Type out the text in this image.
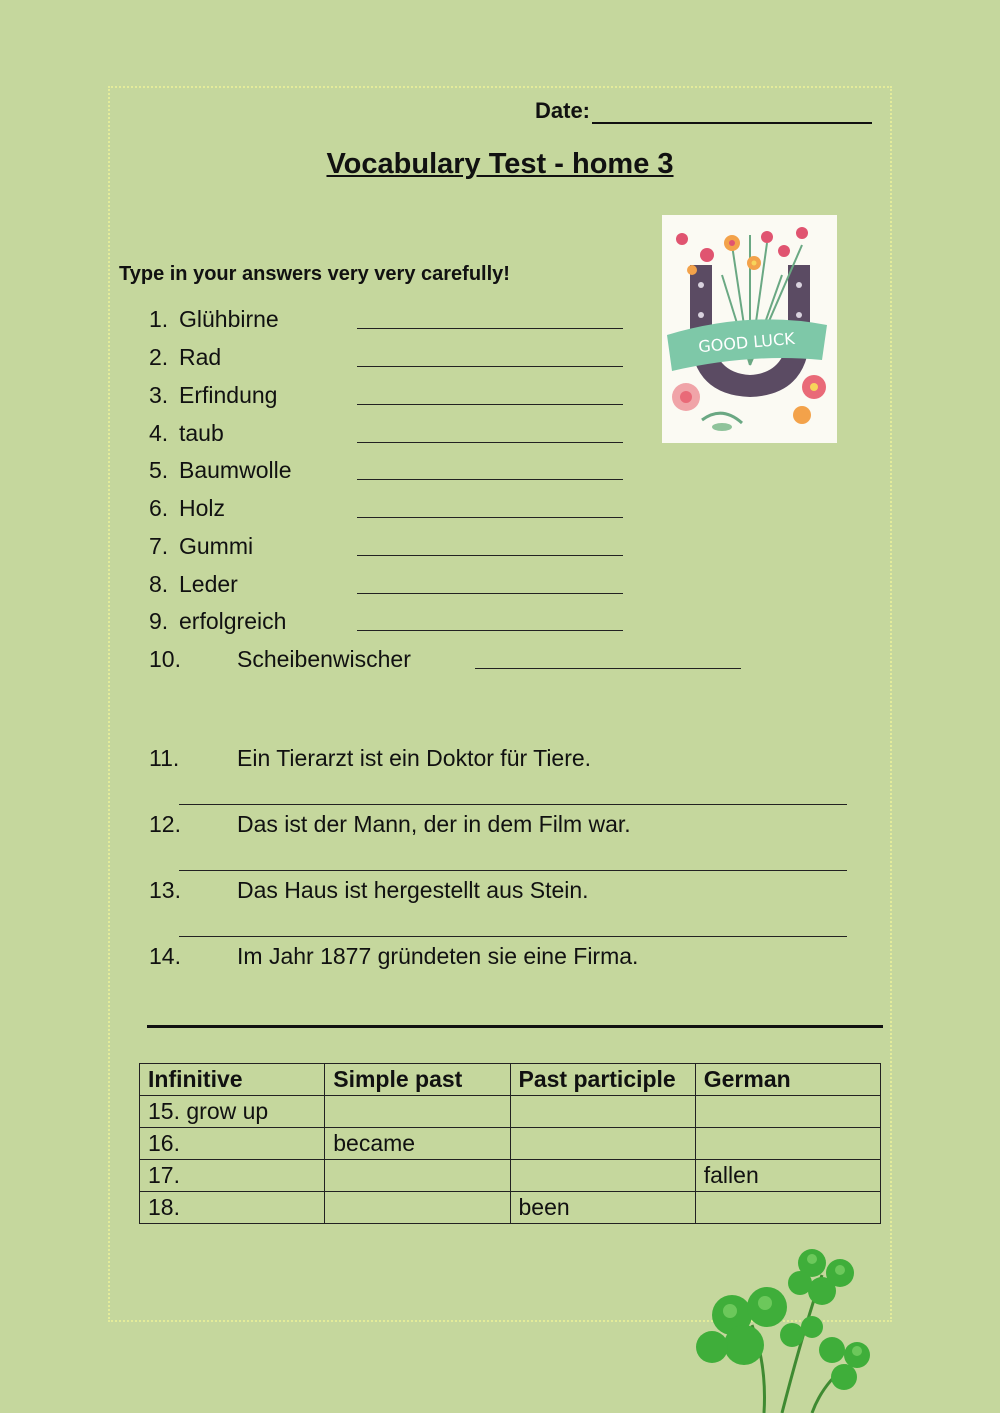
Date:
Vocabulary Test - home 3
Type in your answers very very carefully!
1. Glühbirne
2. Rad
3. Erfindung
4. taub
5. Baumwolle
6. Holz
7. Gummi
8. Leder
9. erfolgreich
10. Scheibenwischer
11.	Ein Tierarzt ist ein Doktor für Tiere.
12. Das ist der Mann, der in dem Film war.
13. Das Haus ist hergestellt aus Stein.
14. Im Jahr 1877 gründeten sie eine Firma.
Infinitive	Simple past	Past participle	German
15. grow up			
16.	became		
17.			fallen
18.		been	
GOOD LUCK
